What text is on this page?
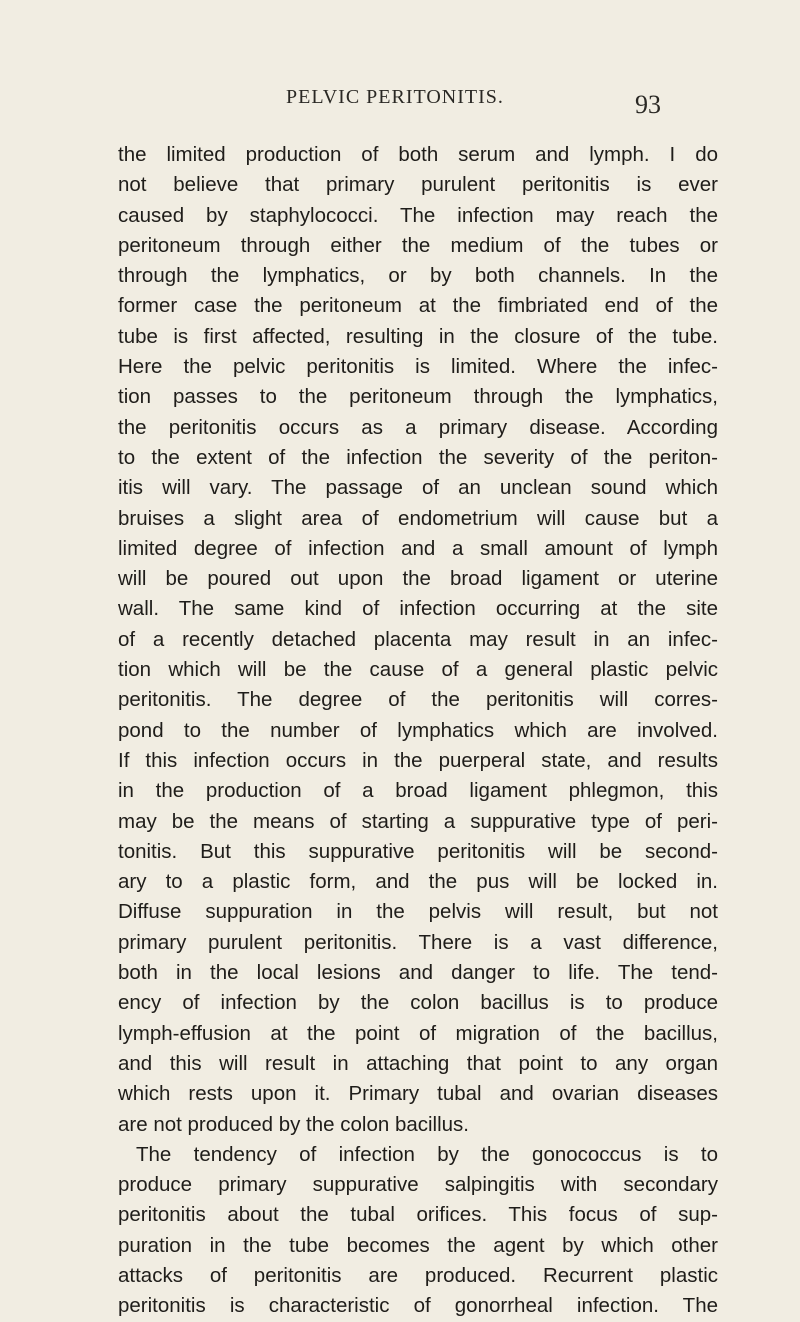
PELVIC PERITONITIS.	93
the limited production of both serum and lymph. I do
not believe that primary purulent peritonitis is ever
caused by staphylococci. The infection may reach the
peritoneum through either the medium of the tubes or
through the lymphatics, or by both channels. In the
former case the peritoneum at the fimbriated end of the
tube is first affected, resulting in the closure of the tube.
Here the pelvic peritonitis is limited. Where the infec-
tion passes to the peritoneum through the lymphatics,
the peritonitis occurs as a primary disease. According
to the extent of the infection the severity of the periton-
itis will vary. The passage of an unclean sound which
bruises a slight area of endometrium will cause but a
limited degree of infection and a small amount of lymph
will be poured out upon the broad ligament or uterine
wall. The same kind of infection occurring at the site
of a recently detached placenta may result in an infec-
tion which will be the cause of a general plastic pelvic
peritonitis. The degree of the peritonitis will corres-
pond to the number of lymphatics which are involved.
If this infection occurs in the puerperal state, and results
in the production of a broad ligament phlegmon, this
may be the means of starting a suppurative type of peri-
tonitis. But this suppurative peritonitis will be second-
ary to a plastic form, and the pus will be locked in.
Diffuse suppuration in the pelvis will result, but not
primary purulent peritonitis. There is a vast difference,
both in the local lesions and danger to life. The tend-
ency of infection by the colon bacillus is to produce
lymph-effusion at the point of migration of the bacillus,
and this will result in attaching that point to any organ
which rests upon it. Primary tubal and ovarian diseases
are not produced by the colon bacillus.
The tendency of infection by the gonococcus is to
produce primary suppurative salpingitis with secondary
peritonitis about the tubal orifices. This focus of sup-
puration in the tube becomes the agent by which other
attacks of peritonitis are produced. Recurrent plastic
peritonitis is characteristic of gonorrheal infection. The
